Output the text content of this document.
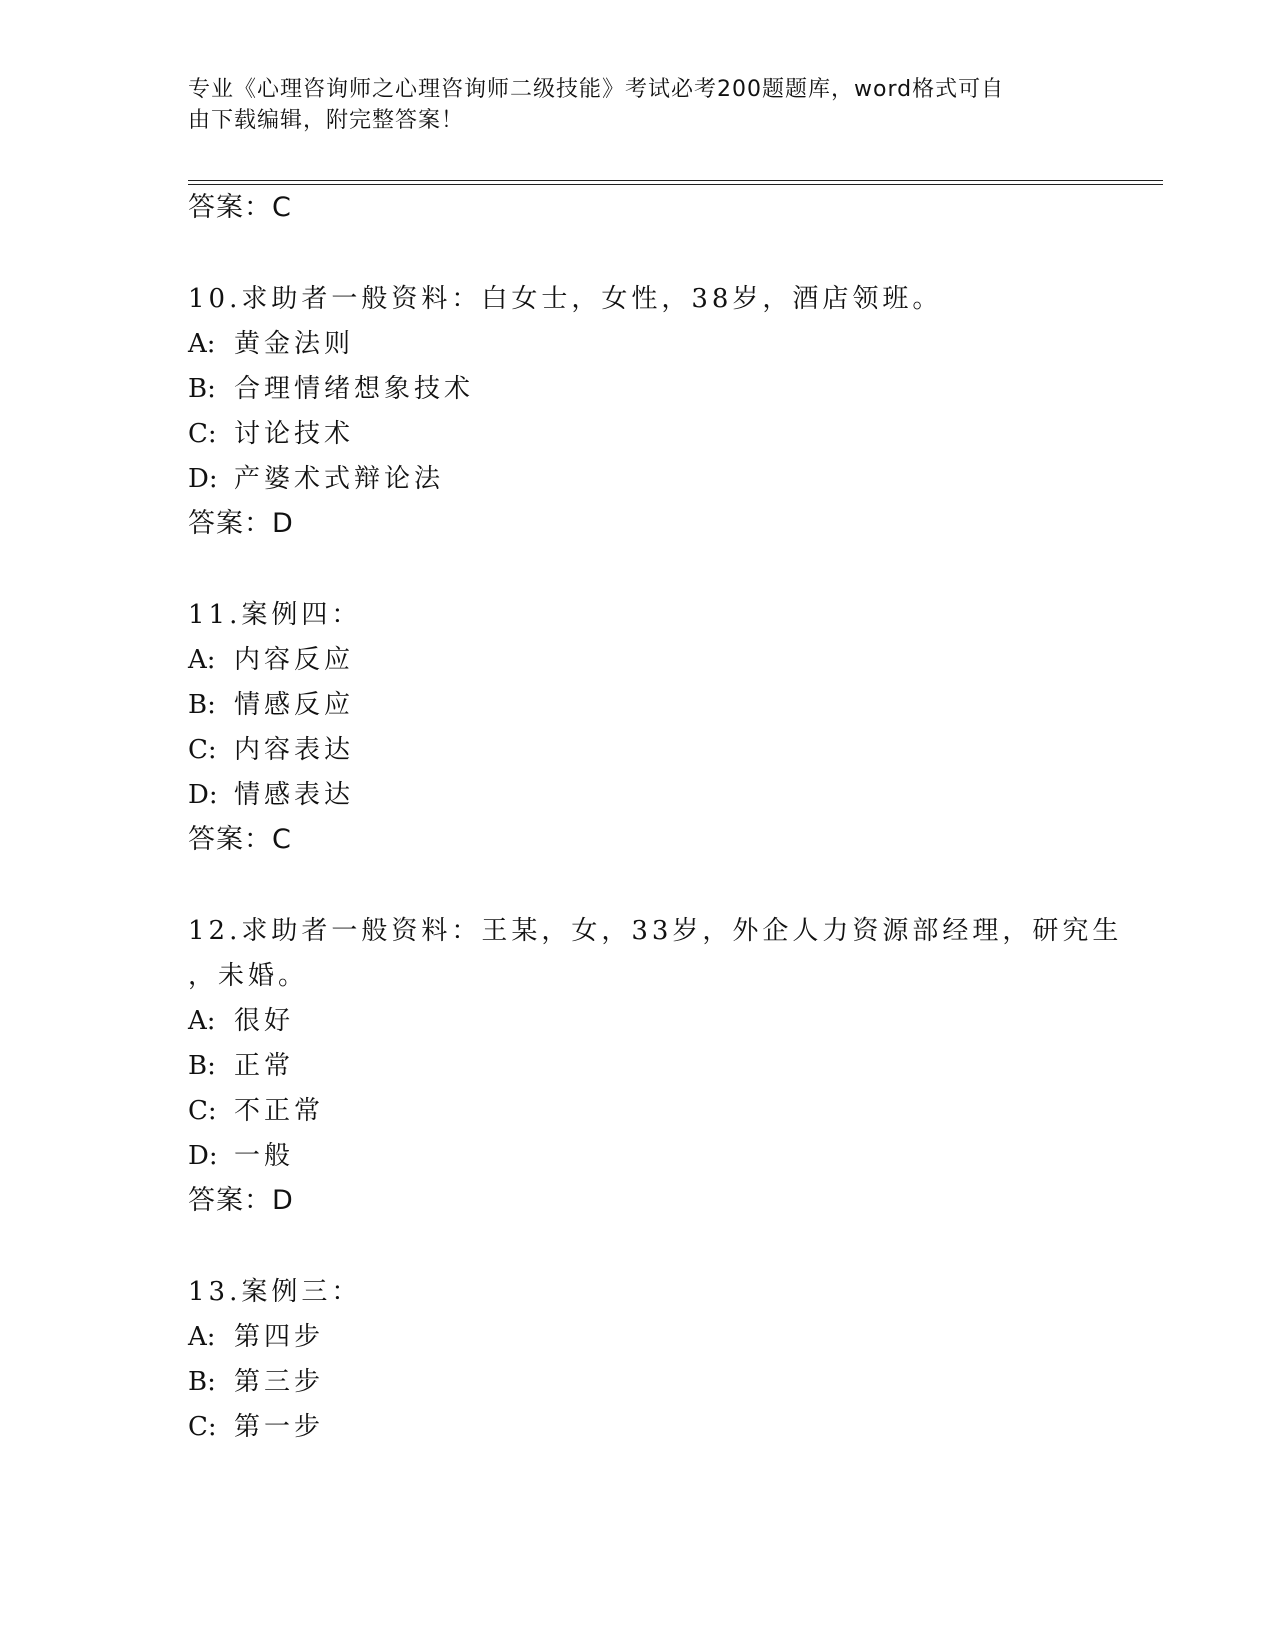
专业《心理咨询师之心理咨询师二级技能》考试必考200题题库，word格式可自
由下载编辑，附完整答案！
答案：C
10.求助者一般资料：白女士，女性，38岁，酒店领班。
A: 黄金法则
B: 合理情绪想象技术
C: 讨论技术
D: 产婆术式辩论法
答案：D
11.案例四：
A: 内容反应
B: 情感反应
C: 内容表达
D: 情感表达
答案：C
12.求助者一般资料：王某，女，33岁，外企人力资源部经理，研究生
，未婚。
A: 很好
B: 正常
C: 不正常
D: 一般
答案：D
13.案例三：
A: 第四步
B: 第三步
C: 第一步
